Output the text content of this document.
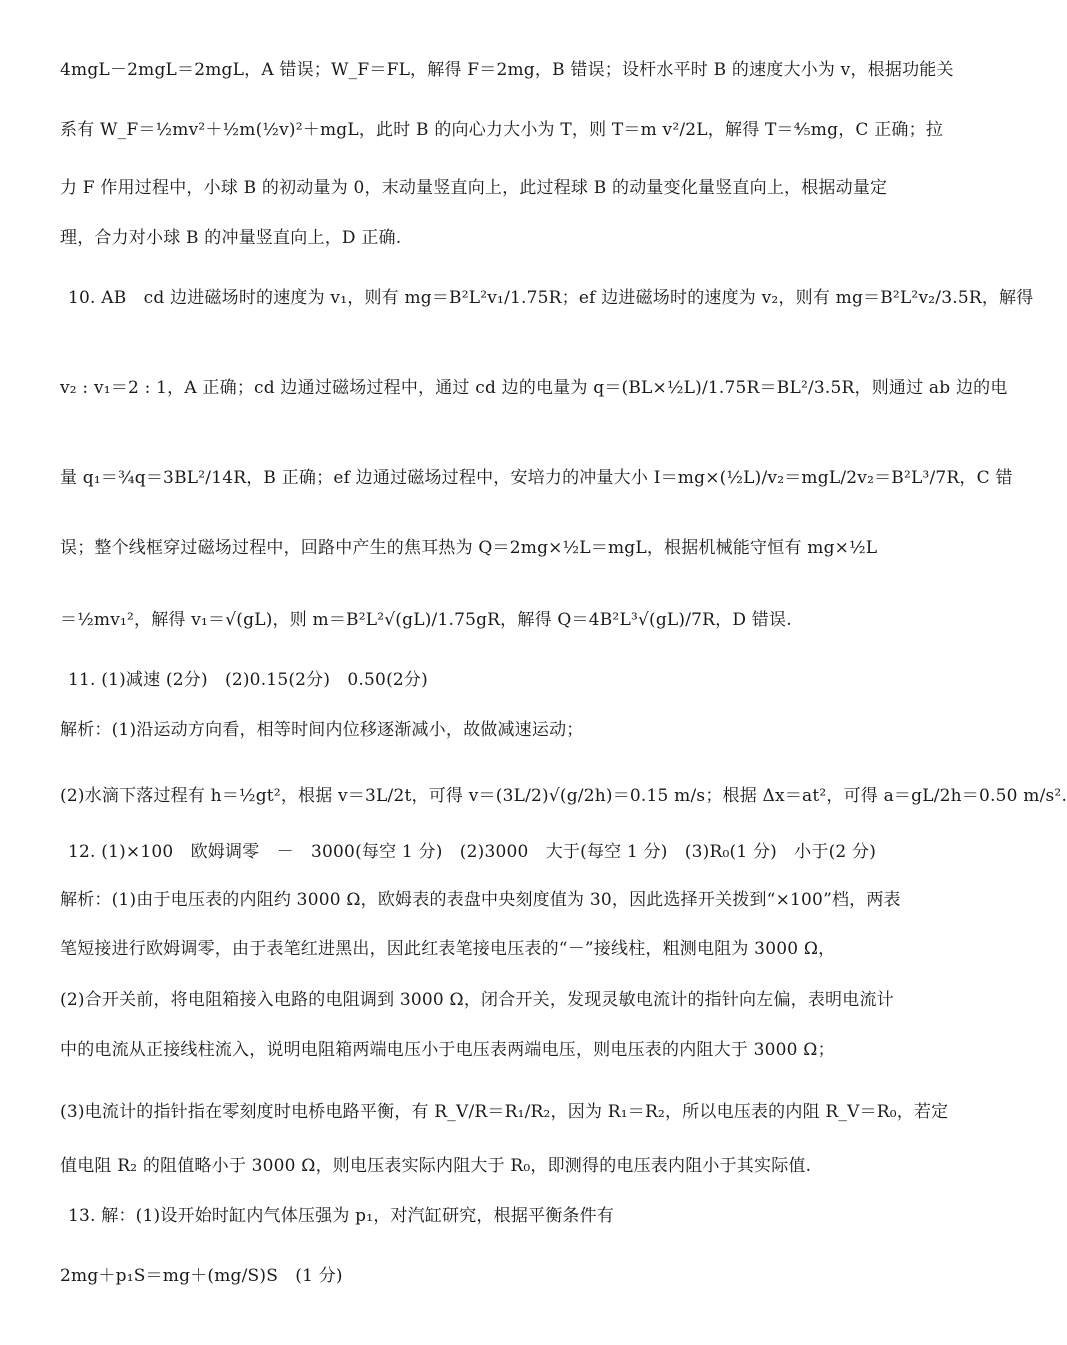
4mgL－2mgL＝2mgL，A 错误；W_F＝FL，解得 F＝2mg，B 错误；设杆水平时 B 的速度大小为 v，根据功能关
系有 W_F＝½mv²＋½m(½v)²＋mgL，此时 B 的向心力大小为 T，则 T＝m v²/2L，解得 T＝⁴⁄₅mg，C 正确；拉
力 F 作用过程中，小球 B 的初动量为 0，末动量竖直向上，此过程球 B 的动量变化量竖直向上，根据动量定
理，合力对小球 B 的冲量竖直向上，D 正确.
10. AB　cd 边进磁场时的速度为 v₁，则有 mg＝B²L²v₁/1.75R；ef 边进磁场时的速度为 v₂，则有 mg＝B²L²v₂/3.5R，解得
v₂ : v₁＝2 : 1，A 正确；cd 边通过磁场过程中，通过 cd 边的电量为 q＝(BL×½L)/1.75R＝BL²/3.5R，则通过 ab 边的电
量 q₁＝¾q＝3BL²/14R，B 正确；ef 边通过磁场过程中，安培力的冲量大小 I＝mg×(½L)/v₂＝mgL/2v₂＝B²L³/7R，C 错
误；整个线框穿过磁场过程中，回路中产生的焦耳热为 Q＝2mg×½L＝mgL，根据机械能守恒有 mg×½L
＝½mv₁²，解得 v₁＝√(gL)，则 m＝B²L²√(gL)/1.75gR，解得 Q＝4B²L³√(gL)/7R，D 错误.
11. (1)减速 (2分)　(2)0.15(2分)　0.50(2分)
解析：(1)沿运动方向看，相等时间内位移逐渐减小，故做减速运动；
(2)水滴下落过程有 h＝½gt²，根据 v＝3L/2t，可得 v＝(3L/2)√(g/2h)＝0.15 m/s；根据 Δx＝at²，可得 a＝gL/2h＝0.50 m/s².
12. (1)×100　欧姆调零　－　3000(每空 1 分)　(2)3000　大于(每空 1 分)　(3)R₀(1 分)　小于(2 分)
解析：(1)由于电压表的内阻约 3000 Ω，欧姆表的表盘中央刻度值为 30，因此选择开关拨到“×100”档，两表
笔短接进行欧姆调零，由于表笔红进黑出，因此红表笔接电压表的“－”接线柱，粗测电阻为 3000 Ω，
(2)合开关前，将电阻箱接入电路的电阻调到 3000 Ω，闭合开关，发现灵敏电流计的指针向左偏，表明电流计
中的电流从正接线柱流入，说明电阻箱两端电压小于电压表两端电压，则电压表的内阻大于 3000 Ω；
(3)电流计的指针指在零刻度时电桥电路平衡，有 R_V/R＝R₁/R₂，因为 R₁＝R₂，所以电压表的内阻 R_V＝R₀，若定
值电阻 R₂ 的阻值略小于 3000 Ω，则电压表实际内阻大于 R₀，即测得的电压表内阻小于其实际值.
13. 解：(1)设开始时缸内气体压强为 p₁，对汽缸研究，根据平衡条件有
2mg＋p₁S＝mg＋(mg/S)S　(1 分)
